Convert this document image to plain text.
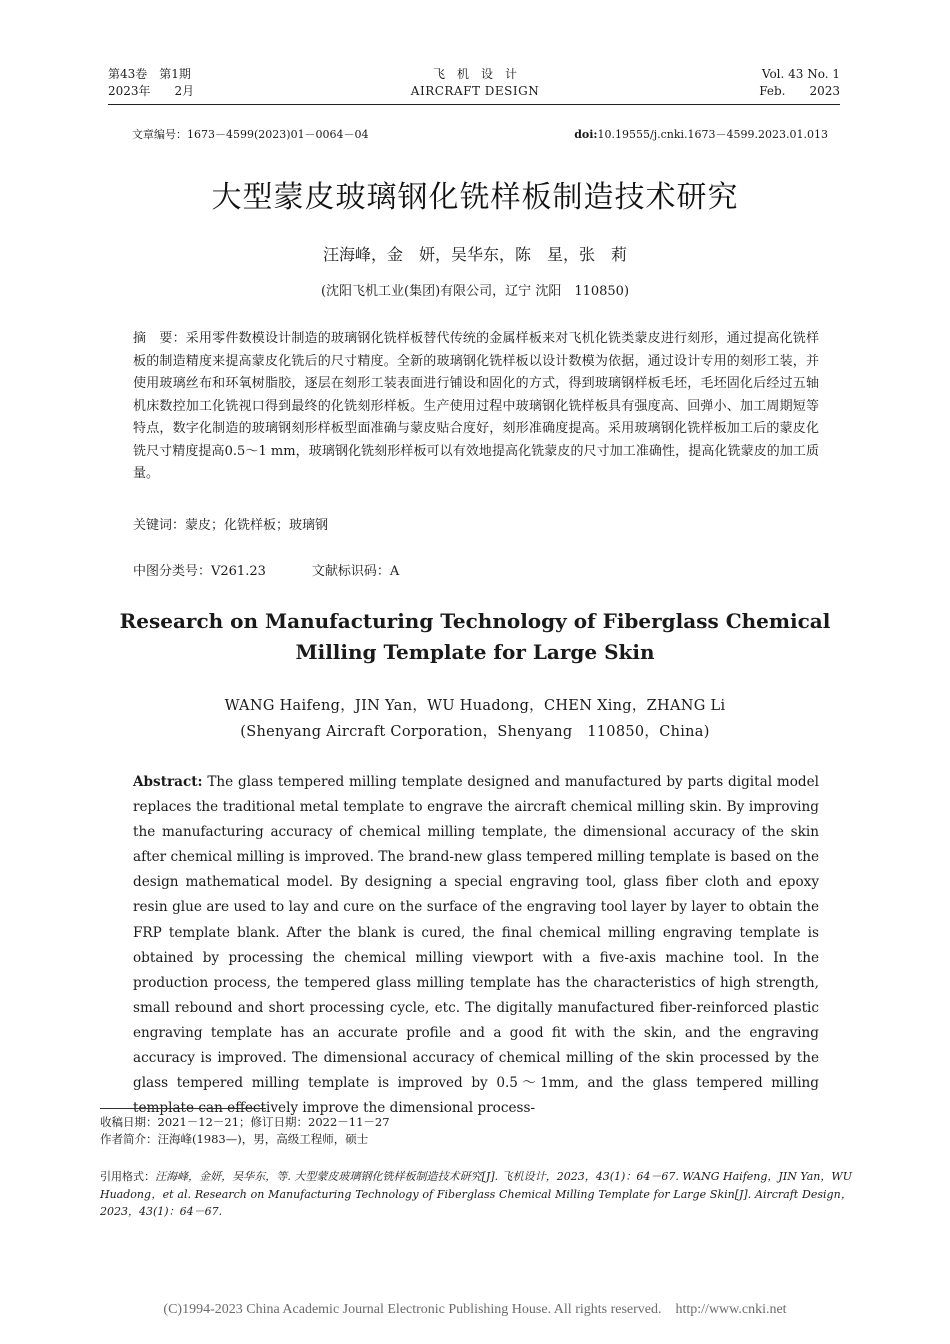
第43卷　第1期
2023年　　2月
飞　机　设　计
AIRCRAFT DESIGN
Vol. 43 No. 1
Feb.　　2023
文章编号：1673－4599(2023)01－0064－04	doi:10.19555/j.cnki.1673－4599.2023.01.013
大型蒙皮玻璃钢化铣样板制造技术研究
汪海峰，金　妍，吴华东，陈　星，张　莉
(沈阳飞机工业(集团)有限公司，辽宁 沈阳　110850)
摘　要：采用零件数模设计制造的玻璃钢化铣样板替代传统的金属样板来对飞机化铣类蒙皮进行刻形，通过提高化铣样板的制造精度来提高蒙皮化铣后的尺寸精度。全新的玻璃钢化铣样板以设计数模为依据，通过设计专用的刻形工装，并使用玻璃丝布和环氧树脂胶，逐层在刻形工装表面进行铺设和固化的方式，得到玻璃钢样板毛坯，毛坯固化后经过五轴机床数控加工化铣视口得到最终的化铣刻形样板。生产使用过程中玻璃钢化铣样板具有强度高、回弹小、加工周期短等特点，数字化制造的玻璃钢刻形样板型面准确与蒙皮贴合度好，刻形准确度提高。采用玻璃钢化铣样板加工后的蒙皮化铣尺寸精度提高0.5～1 mm，玻璃钢化铣刻形样板可以有效地提高化铣蒙皮的尺寸加工准确性，提高化铣蒙皮的加工质量。
关键词：蒙皮；化铣样板；玻璃钢
中图分类号：V261.23	文献标识码：A
Research on Manufacturing Technology of Fiberglass Chemical
Milling Template for Large Skin
WANG Haifeng，JIN Yan，WU Huadong，CHEN Xing，ZHANG Li
(Shenyang Aircraft Corporation，Shenyang　110850，China)
Abstract: The glass tempered milling template designed and manufactured by parts digital model replaces the traditional metal template to engrave the aircraft chemical milling skin. By improving the manufacturing accuracy of chemical milling template, the dimensional accuracy of the skin after chemical milling is improved. The brand-new glass tempered milling template is based on the design mathematical model. By designing a special engraving tool, glass fiber cloth and epoxy resin glue are used to lay and cure on the surface of the engraving tool layer by layer to obtain the FRP template blank. After the blank is cured, the final chemical milling engraving template is obtained by processing the chemical milling viewport with a five-axis machine tool. In the production process, the tempered glass milling template has the characteristics of high strength, small rebound and short processing cycle, etc. The digitally manufactured fiber-reinforced plastic engraving template has an accurate profile and a good fit with the skin, and the engraving accuracy is improved. The dimensional accuracy of chemical milling of the skin processed by the glass tempered milling template is improved by 0.5～1mm, and the glass tempered milling template can effectively improve the dimensional process-
收稿日期：2021－12－21；修订日期：2022－11－27
作者简介：汪海峰(1983—)，男，高级工程师，硕士
引用格式：汪海峰，金妍，吴华东，等. 大型蒙皮玻璃钢化铣样板制造技术研究[J]. 飞机设计，2023，43(1)：64－67. WANG Haifeng，JIN Yan，WU Huadong，et al. Research on Manufacturing Technology of Fiberglass Chemical Milling Template for Large Skin[J]. Aircraft Design，2023，43(1)：64－67.
(C)1994-2023 China Academic Journal Electronic Publishing House. All rights reserved.　http://www.cnki.net
